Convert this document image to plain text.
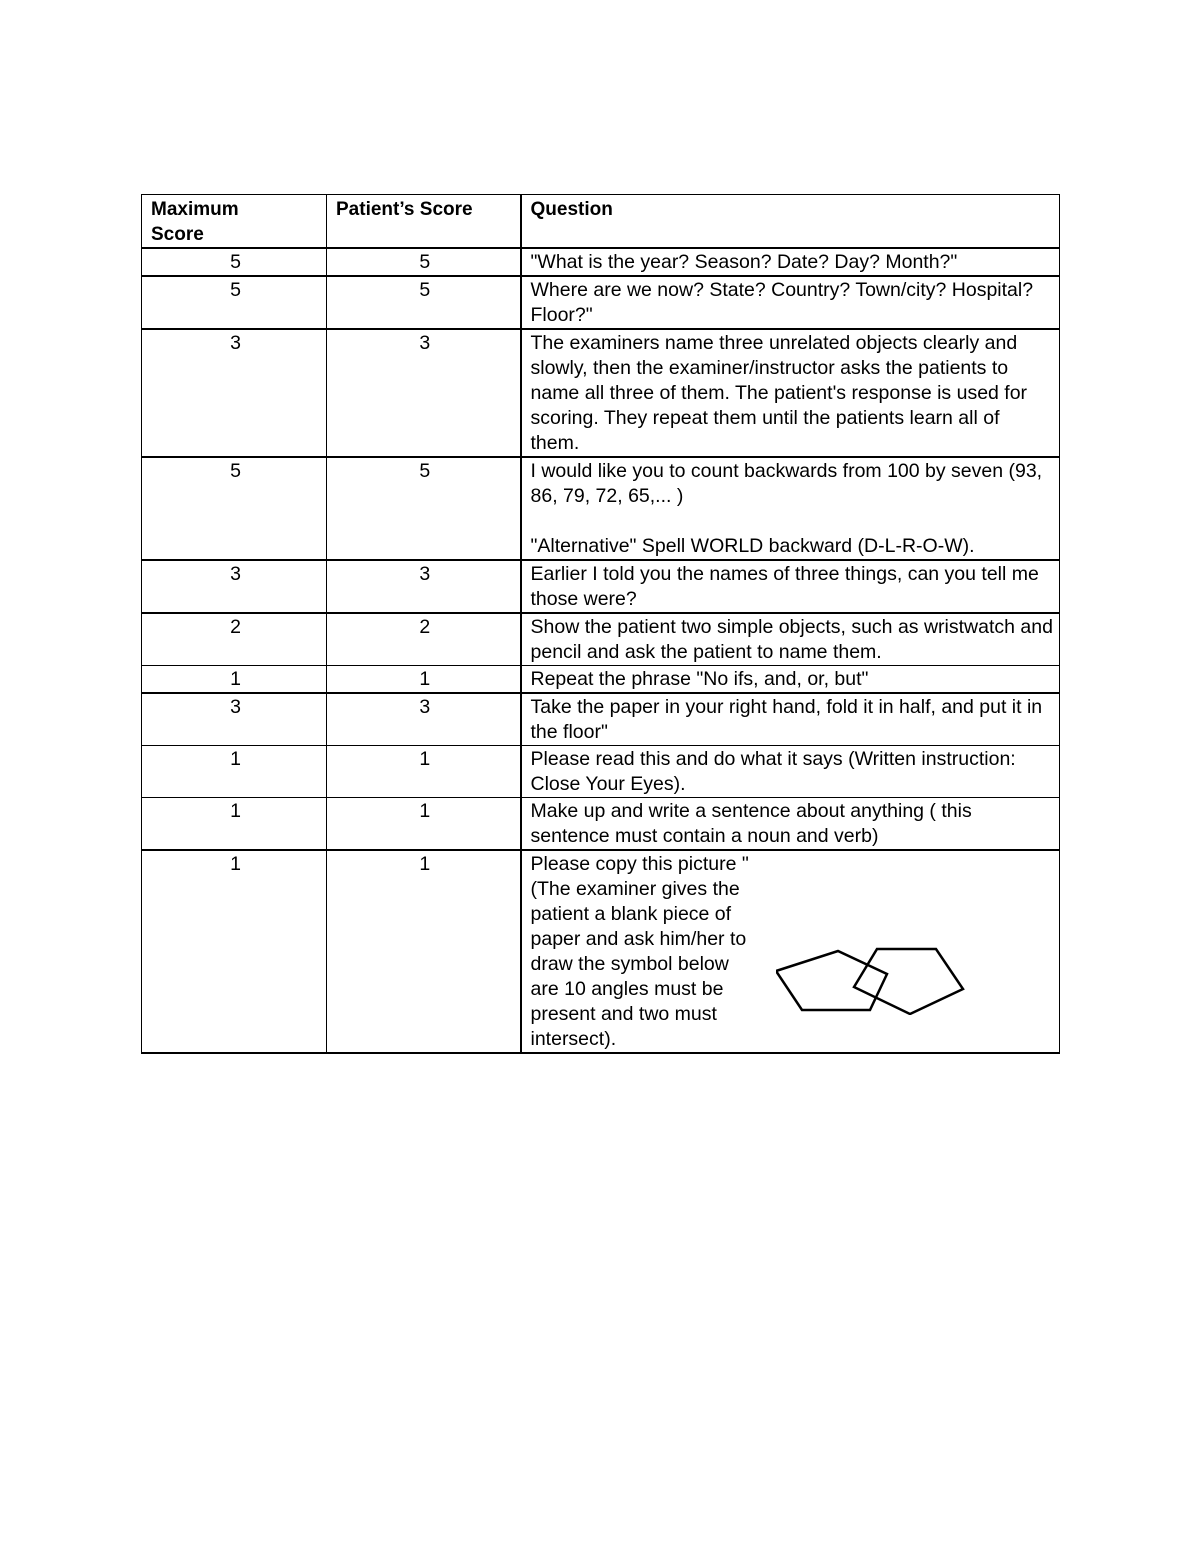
Maximum Score	Patient’s Score	Question
5	5	"What is the year? Season? Date? Day? Month?"
5	5	Where are we now? State? Country? Town/city? Hospital? Floor?"
3	3	The examiners name three unrelated objects clearly and slowly, then the examiner/instructor asks the patients to name all three of them. The patient's response is used for scoring. They repeat them until the patients learn all of them.
5	5	I would like you to count backwards from 100 by seven (93, 86, 79, 72, 65,... )

"Alternative" Spell WORLD backward (D-L-R-O-W).
3	3	Earlier I told you the names of three things, can you tell me those were?
2	2	Show the patient two simple objects, such as wristwatch and pencil and ask the patient to name them.
1	1	Repeat the phrase "No ifs, and, or, but"
3	3	Take the paper in your right hand, fold it in half, and put it in the floor"
1	1	Please read this and do what it says (Written instruction: Close Your Eyes).
1	1	Make up and write a sentence about anything ( this sentence must contain a noun and verb)
1	1	Please copy this picture "(The examiner gives the patient a blank piece of paper and ask him/her to draw the symbol below are 10 angles must be present and two must intersect).
